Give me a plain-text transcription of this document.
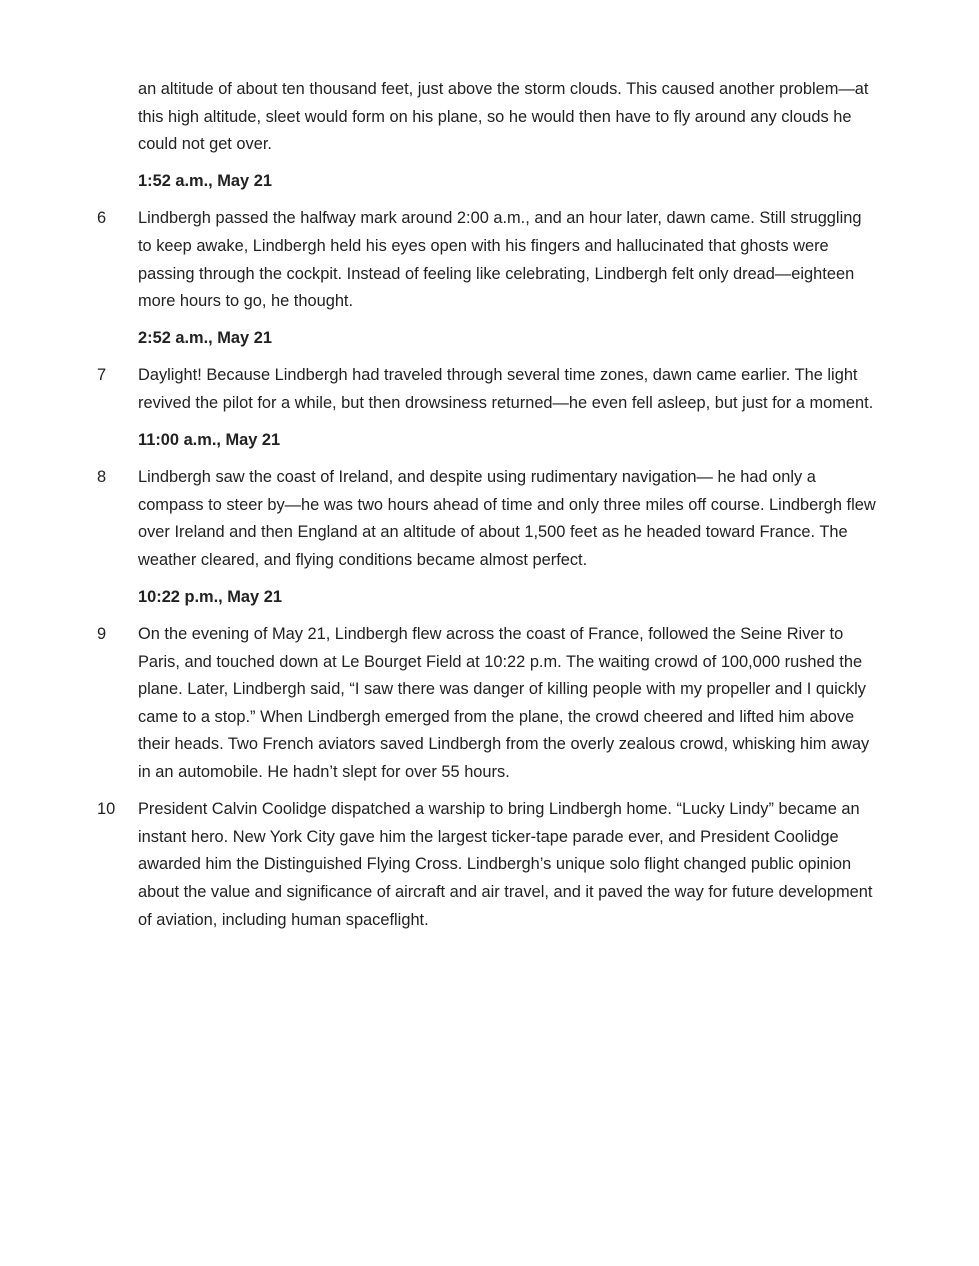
an altitude of about ten thousand feet, just above the storm clouds. This caused another problem—at this high altitude, sleet would form on his plane, so he would then have to fly around any clouds he could not get over.

1:52 a.m., May 21

6	Lindbergh passed the halfway mark around 2:00 a.m., and an hour later, dawn came. Still struggling to keep awake, Lindbergh held his eyes open with his fingers and hallucinated that ghosts were passing through the cockpit. Instead of feeling like celebrating, Lindbergh felt only dread—eighteen more hours to go, he thought.

2:52 a.m., May 21

7	Daylight! Because Lindbergh had traveled through several time zones, dawn came earlier. The light revived the pilot for a while, but then drowsiness returned—he even fell asleep, but just for a moment.

11:00 a.m., May 21

8	Lindbergh saw the coast of Ireland, and despite using rudimentary navigation— he had only a compass to steer by—he was two hours ahead of time and only three miles off course. Lindbergh flew over Ireland and then England at an altitude of about 1,500 feet as he headed toward France. The weather cleared, and flying conditions became almost perfect.

10:22 p.m., May 21

9	On the evening of May 21, Lindbergh flew across the coast of France, followed the Seine River to Paris, and touched down at Le Bourget Field at 10:22 p.m. The waiting crowd of 100,000 rushed the plane. Later, Lindbergh said, “I saw there was danger of killing people with my propeller and I quickly came to a stop.” When Lindbergh emerged from the plane, the crowd cheered and lifted him above their heads. Two French aviators saved Lindbergh from the overly zealous crowd, whisking him away in an automobile. He hadn’t slept for over 55 hours.

10	President Calvin Coolidge dispatched a warship to bring Lindbergh home. “Lucky Lindy” became an instant hero. New York City gave him the largest ticker-tape parade ever, and President Coolidge awarded him the Distinguished Flying Cross. Lindbergh’s unique solo flight changed public opinion about the value and significance of aircraft and air travel, and it paved the way for future development of aviation, including human spaceflight.
